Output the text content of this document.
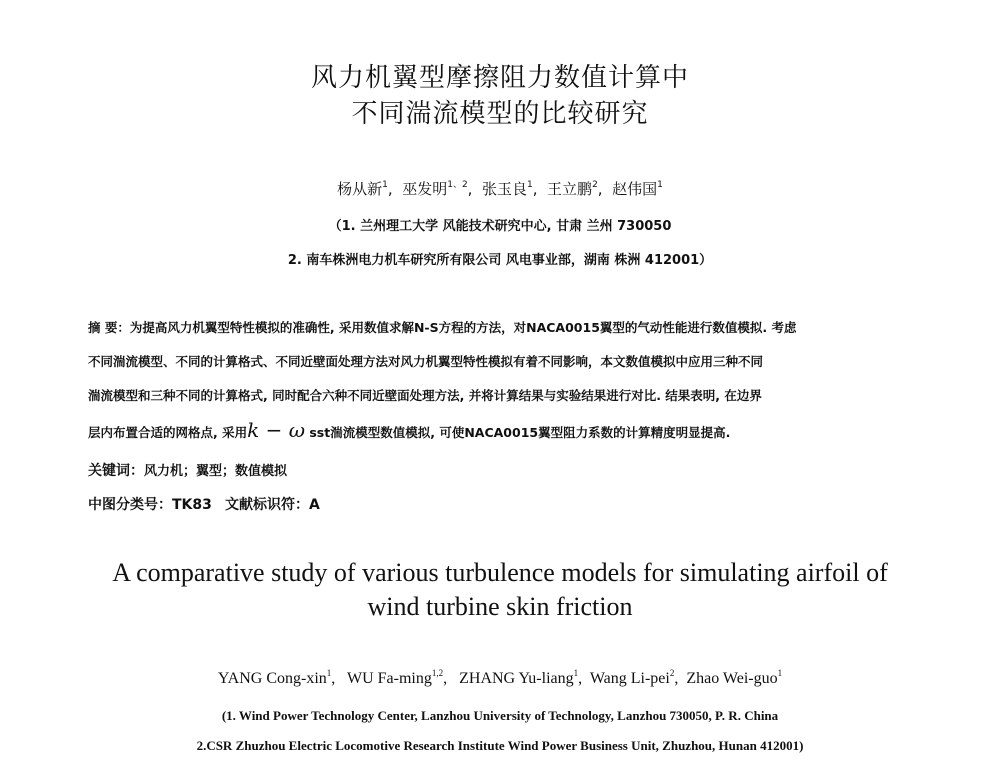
风力机翼型摩擦阻力数值计算中
不同湍流模型的比较研究
杨从新$^1$,  巫发明$^{1、2}$,  张玉良$^1$,  王立鹏$^2$,  赵伟国$^1$
（1. 兰州理工大学 风能技术研究中心, 甘肃 兰州 730050
2. 南车株洲电力机车研究所有限公司 风电事业部，湖南 株洲 412001）
摘 要：为提高风力机翼型特性模拟的准确性, 采用数值求解N-S方程的方法，对NACA0015翼型的气动性能进行数值模拟. 考虑
不同湍流模型、不同的计算格式、不同近壁面处理方法对风力机翼型特性模拟有着不同影响，本文数值模拟中应用三种不同
湍流模型和三种不同的计算格式, 同时配合六种不同近壁面处理方法, 并将计算结果与实验结果进行对比. 结果表明, 在边界
层内布置合适的网格点, 采用k − ω sst湍流模型数值模拟, 可使NACA0015翼型阻力系数的计算精度明显提高.
关键词：风力机；翼型；数值模拟
中图分类号：TK83 文献标识符：A
A comparative study of various turbulence models for simulating airfoil of
wind turbine skin friction
YANG Cong-xin$^1$,   WU Fa-ming$^{1,2}$,   ZHANG Yu-liang$^1$,  Wang Li-pei$^2$,  Zhao Wei-guo$^1$
(1. Wind Power Technology Center, Lanzhou University of Technology, Lanzhou 730050, P. R. China
2.CSR Zhuzhou Electric Locomotive Research Institute Wind Power Business Unit, Zhuzhou, Hunan 412001)
